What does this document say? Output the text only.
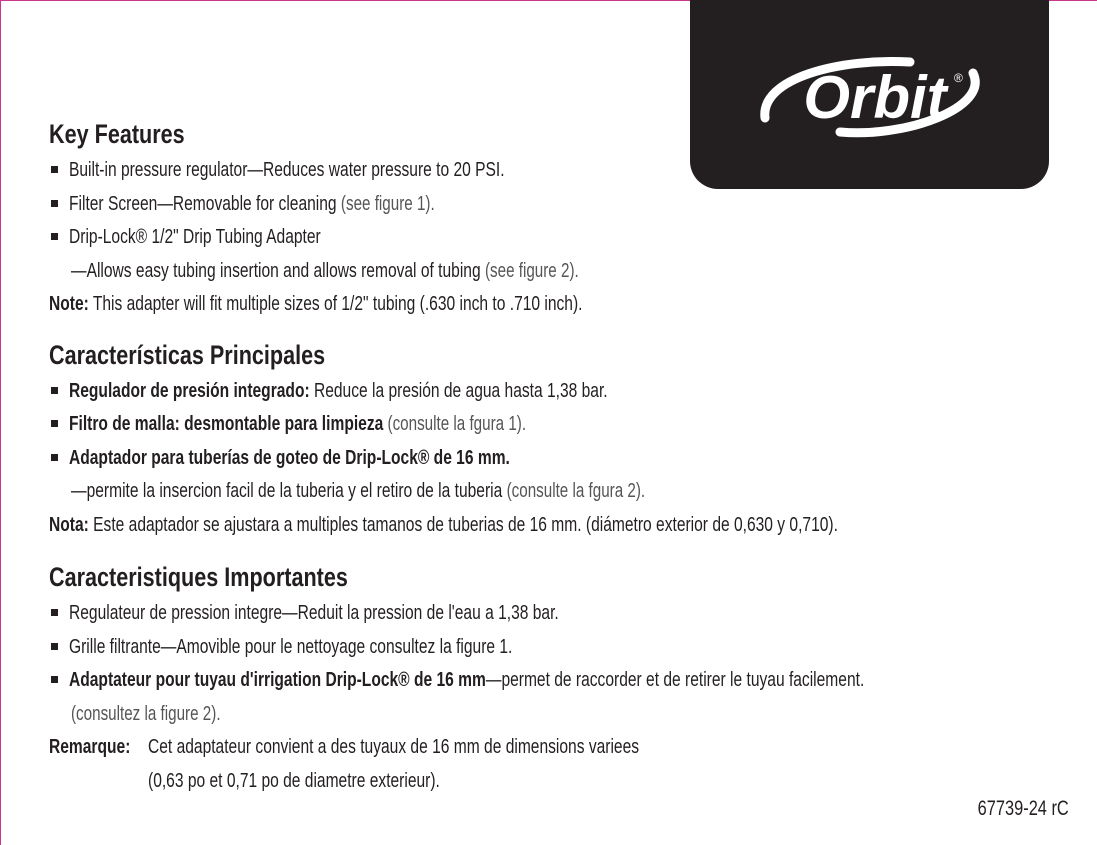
Orbit ®
Key Features
Built-in pressure regulator—Reduces water pressure to 20 PSI.
Filter Screen—Removable for cleaning (see figure 1).
Drip-Lock® 1/2" Drip Tubing Adapter
—Allows easy tubing insertion and allows removal of tubing (see figure 2).
Note: This adapter will fit multiple sizes of 1/2" tubing (.630 inch to .710 inch).
Características Principales
Regulador de presión integrado: Reduce la presión de agua hasta 1,38 bar.
Filtro de malla: desmontable para limpieza (consulte la fgura 1).
Adaptador para tuberías de goteo de Drip-Lock® de 16 mm.
—permite la insercion facil de la tuberia y el retiro de la tuberia (consulte la fgura 2).
Nota: Este adaptador se ajustara a multiples tamanos de tuberias de 16 mm. (diámetro exterior de 0,630 y 0,710).
Caracteristiques Importantes
Regulateur de pression integre—Reduit la pression de l'eau a 1,38 bar.
Grille filtrante—Amovible pour le nettoyage consultez la figure 1.
Adaptateur pour tuyau d'irrigation Drip-Lock® de 16 mm—permet de raccorder et de retirer le tuyau facilement.
(consultez la figure 2).
Remarque: Cet adaptateur convient a des tuyaux de 16 mm de dimensions variees
(0,63 po et 0,71 po de diametre exterieur).
67739-24 rC
